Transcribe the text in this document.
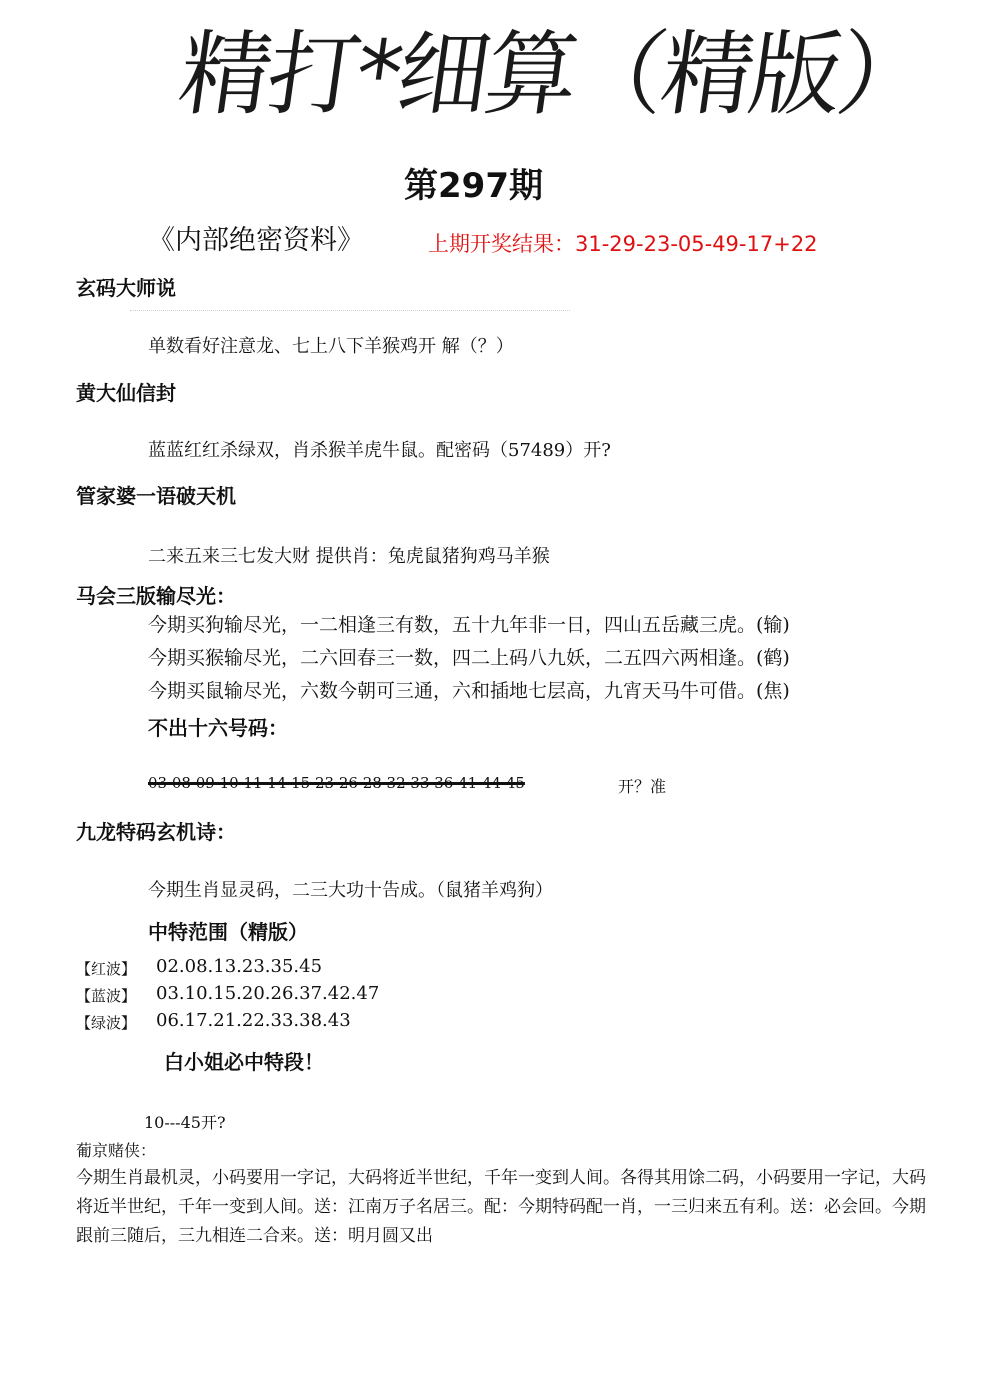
精打*细算（精版）
第297期
《内部绝密资料》	上期开奖结果：31-29-23-05-49-17+22
玄码大师说
单数看好注意龙、七上八下羊猴鸡开 解（？）
黄大仙信封
蓝蓝红红杀绿双，肖杀猴羊虎牛鼠。配密码（57489）开?
管家婆一语破天机
二来五来三七发大财 提供肖：兔虎鼠猪狗鸡马羊猴
马会三版输尽光：
今期买狗输尽光，一二相逢三有数，五十九年非一日，四山五岳藏三虎。(输)
今期买猴输尽光，二六回春三一数，四二上码八九妖，二五四六两相逢。(鹤)
今期买鼠输尽光，六数今朝可三通，六和插地七层高，九宵天马牛可借。(焦)
不出十六号码：
03 08 09 10 11 14 15 23 26 28 32 33 36 41 44 45	开？准
九龙特码玄机诗：
今期生肖显灵码，二三大功十告成。（鼠猪羊鸡狗）
中特范围（精版）
【红波】 02.08.13.23.35.45
【蓝波】 03.10.15.20.26.37.42.47
【绿波】 06.17.21.22.33.38.43
白小姐必中特段！
10---45开?
葡京赌侠：
今期生肖最机灵，小码要用一字记，大码将近半世纪，千年一变到人间。各得其用馀二码，小码要用一字记，大码将近半世纪，千年一变到人间。送：江南万子名居三。配：今期特码配一肖，一三归来五有利。送：必会回。今期跟前三随后，三九相连二合来。送：明月圆又出
